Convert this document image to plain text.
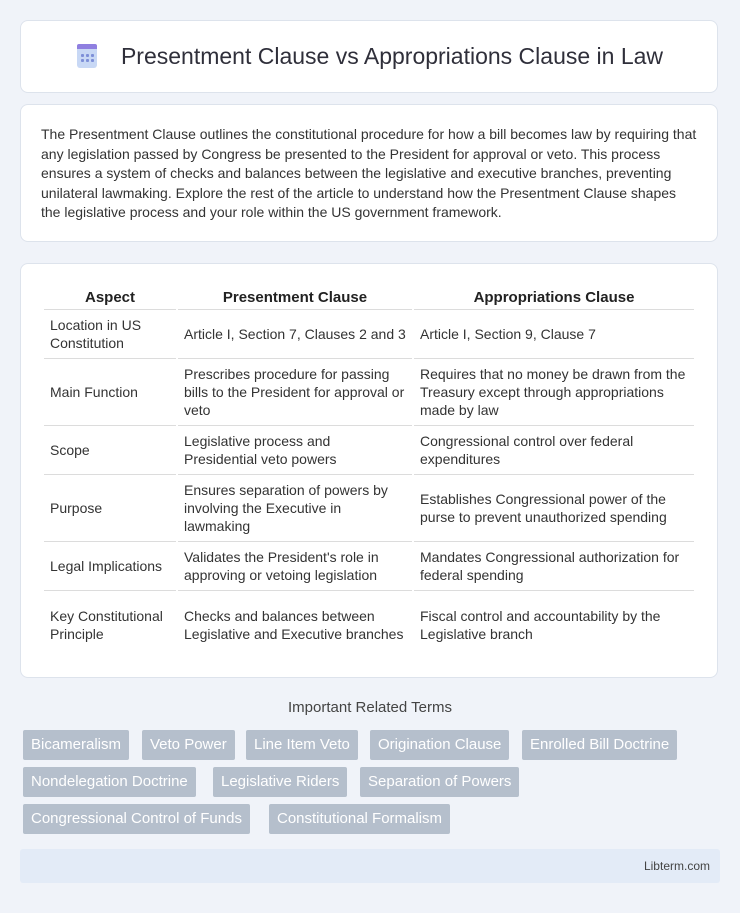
Presentment Clause vs Appropriations Clause in Law

The Presentment Clause outlines the constitutional procedure for how a bill becomes law by requiring that any legislation passed by Congress be presented to the President for approval or veto. This process ensures a system of checks and balances between the legislative and executive branches, preventing unilateral lawmaking. Explore the rest of the article to understand how the Presentment Clause shapes the legislative process and your role within the US government framework.

Aspect	Presentment Clause	Appropriations Clause
Location in US Constitution	Article I, Section 7, Clauses 2 and 3	Article I, Section 9, Clause 7
Main Function	Prescribes procedure for passing bills to the President for approval or veto	Requires that no money be drawn from the Treasury except through appropriations made by law
Scope	Legislative process and Presidential veto powers	Congressional control over federal expenditures
Purpose	Ensures separation of powers by involving the Executive in lawmaking	Establishes Congressional power of the purse to prevent unauthorized spending
Legal Implications	Validates the President's role in approving or vetoing legislation	Mandates Congressional authorization for federal spending
Key Constitutional Principle	Checks and balances between Legislative and Executive branches	Fiscal control and accountability by the Legislative branch
Important Related Terms
Bicameralism	Veto Power	Line Item Veto	Origination Clause	Enrolled Bill Doctrine
Nondelegation Doctrine	Legislative Riders	Separation of Powers
Congressional Control of Funds	Constitutional Formalism
Libterm.com
